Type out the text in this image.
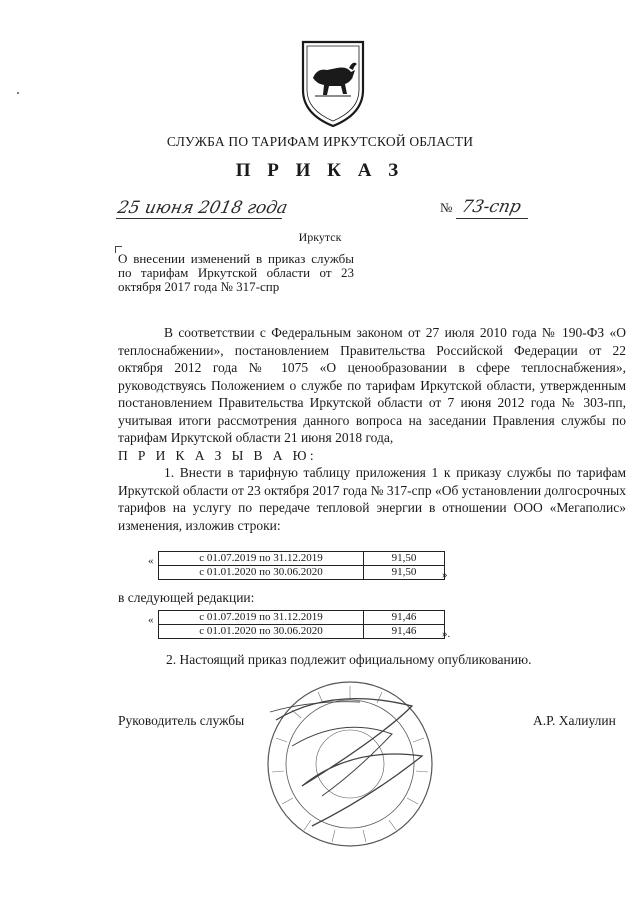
СЛУЖБА ПО ТАРИФАМ ИРКУТСКОЙ ОБЛАСТИ
П Р И К А З
25 июня 2018 года	№ 73-спр
Иркутск
О внесении изменений в приказ службы по тарифам Иркутской области от 23 октября 2017 года № 317-спр
В соответствии с Федеральным законом от 27 июля 2010 года № 190-ФЗ «О теплоснабжении», постановлением Правительства Российской Федерации от 22 октября 2012 года № 1075 «О ценообразовании в сфере теплоснабжения», руководствуясь Положением о службе по тарифам Иркутской области, утвержденным постановлением Правительства Иркутской области от 7 июня 2012 года № 303-пп, учитывая итоги рассмотрения данного вопроса на заседании Правления службы по тарифам Иркутской области 21 июня 2018 года,
П Р И К А З Ы В А Ю:
1. Внести в тарифную таблицу приложения 1 к приказу службы по тарифам Иркутской области от 23 октября 2017 года № 317-спр «Об установлении долгосрочных тарифов на услугу по передаче тепловой энергии в отношении ООО «Мегаполис» изменения, изложив строки:
«	с 01.07.2019 по 31.12.2019	91,50
с 01.01.2020 по 30.06.2020	91,50 »
в следующей редакции:
«	с 01.07.2019 по 31.12.2019	91,46
с 01.01.2020 по 30.06.2020	91,46 ».
2. Настоящий приказ подлежит официальному опубликованию.
Руководитель службы	А.Р. Халиулин
